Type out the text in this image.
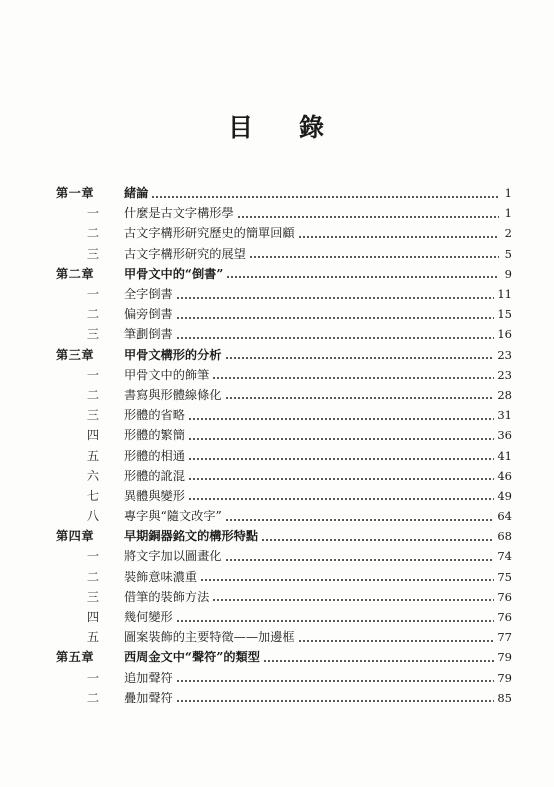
目 錄
第一章	緒論	1
一	什麼是古文字構形學	1
二	古文字構形研究歷史的簡單回顧	2
三	古文字構形研究的展望	5
第二章	甲骨文中的“倒書”	9
一	全字倒書	11
二	偏旁倒書	15
三	筆劃倒書	16
第三章	甲骨文構形的分析	23
一	甲骨文中的飾筆	23
二	書寫與形體線條化	28
三	形體的省略	31
四	形體的繁簡	36
五	形體的相通	41
六	形體的訛混	46
七	異體與變形	49
八	專字與“隨文改字”	64
第四章	早期銅器銘文的構形特點	68
一	將文字加以圖畫化	74
二	裝飾意味濃重	75
三	借筆的裝飾方法	76
四	幾何變形	76
五	圖案裝飾的主要特徵——加邊框	77
第五章	西周金文中“聲符”的類型	79
一	追加聲符	79
二	疊加聲符	85
